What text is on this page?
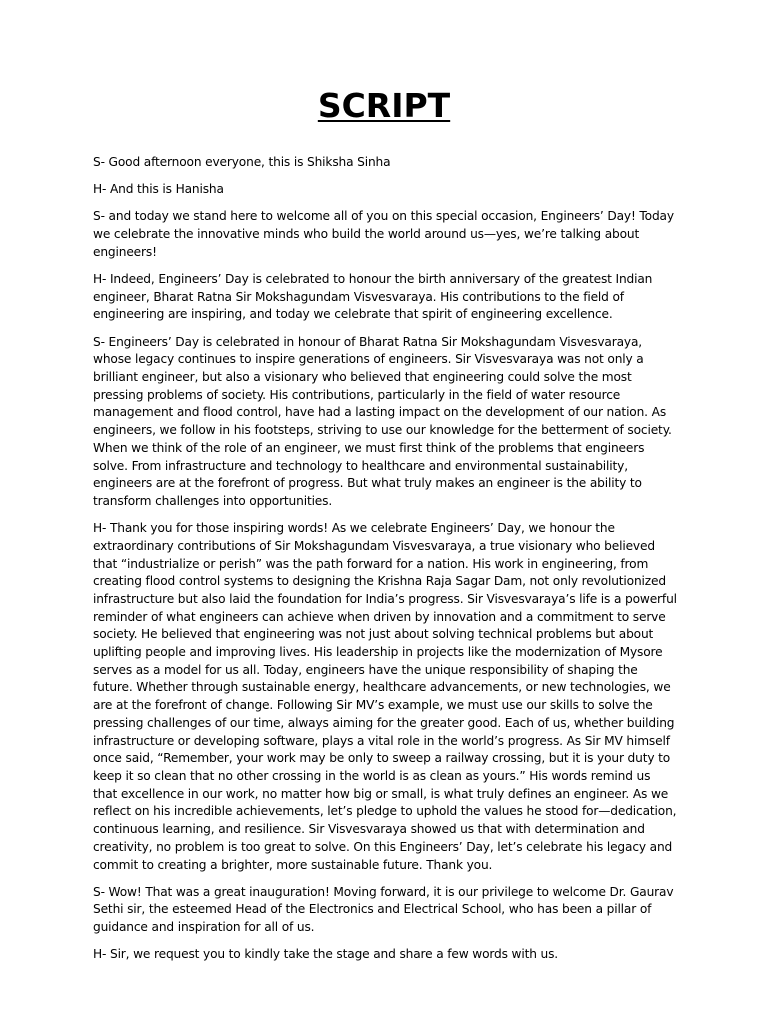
SCRIPT

S- Good afternoon everyone, this is Shiksha Sinha

H- And this is Hanisha

S- and today we stand here to welcome all of you on this special occasion, Engineers’ Day! Today we celebrate the innovative minds who build the world around us—yes, we’re talking about engineers!

H- Indeed, Engineers’ Day is celebrated to honour the birth anniversary of the greatest Indian engineer, Bharat Ratna Sir Mokshagundam Visvesvaraya. His contributions to the field of engineering are inspiring, and today we celebrate that spirit of engineering excellence.

S- Engineers’ Day is celebrated in honour of Bharat Ratna Sir Mokshagundam Visvesvaraya, whose legacy continues to inspire generations of engineers. Sir Visvesvaraya was not only a brilliant engineer, but also a visionary who believed that engineering could solve the most pressing problems of society. His contributions, particularly in the field of water resource management and flood control, have had a lasting impact on the development of our nation. As engineers, we follow in his footsteps, striving to use our knowledge for the betterment of society. When we think of the role of an engineer, we must first think of the problems that engineers solve. From infrastructure and technology to healthcare and environmental sustainability, engineers are at the forefront of progress. But what truly makes an engineer is the ability to transform challenges into opportunities.

H- Thank you for those inspiring words! As we celebrate Engineers’ Day, we honour the extraordinary contributions of Sir Mokshagundam Visvesvaraya, a true visionary who believed that “industrialize or perish” was the path forward for a nation. His work in engineering, from creating flood control systems to designing the Krishna Raja Sagar Dam, not only revolutionized infrastructure but also laid the foundation for India’s progress. Sir Visvesvaraya’s life is a powerful reminder of what engineers can achieve when driven by innovation and a commitment to serve society. He believed that engineering was not just about solving technical problems but about uplifting people and improving lives. His leadership in projects like the modernization of Mysore serves as a model for us all. Today, engineers have the unique responsibility of shaping the future. Whether through sustainable energy, healthcare advancements, or new technologies, we are at the forefront of change. Following Sir MV’s example, we must use our skills to solve the pressing challenges of our time, always aiming for the greater good. Each of us, whether building infrastructure or developing software, plays a vital role in the world’s progress. As Sir MV himself once said, “Remember, your work may be only to sweep a railway crossing, but it is your duty to keep it so clean that no other crossing in the world is as clean as yours.” His words remind us that excellence in our work, no matter how big or small, is what truly defines an engineer. As we reflect on his incredible achievements, let’s pledge to uphold the values he stood for—dedication, continuous learning, and resilience. Sir Visvesvaraya showed us that with determination and creativity, no problem is too great to solve. On this Engineers’ Day, let’s celebrate his legacy and commit to creating a brighter, more sustainable future. Thank you.

S- Wow! That was a great inauguration! Moving forward, it is our privilege to welcome Dr. Gaurav Sethi sir, the esteemed Head of the Electronics and Electrical School, who has been a pillar of guidance and inspiration for all of us.

H- Sir, we request you to kindly take the stage and share a few words with us.
